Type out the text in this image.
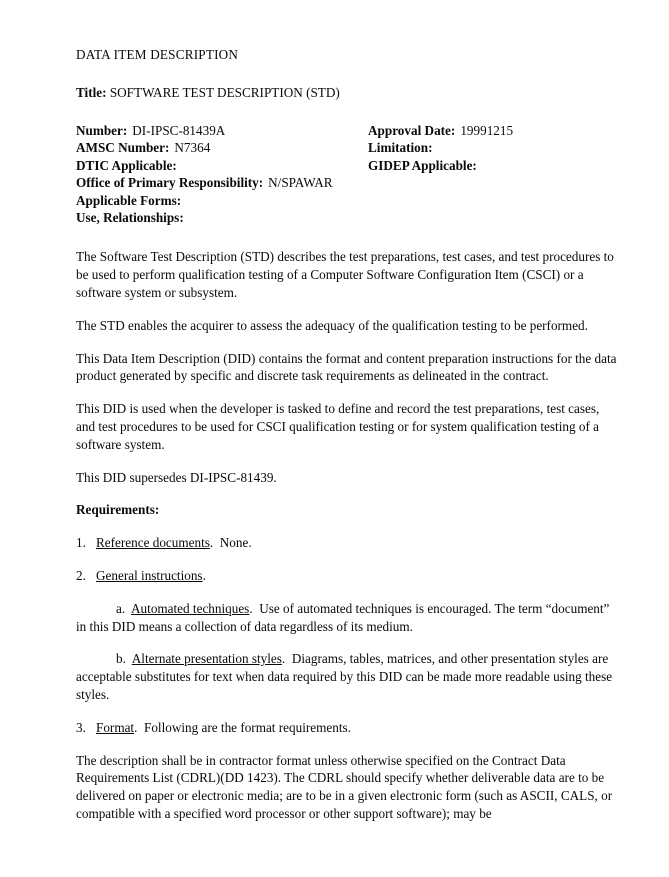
DATA ITEM DESCRIPTION
Title: SOFTWARE TEST DESCRIPTION (STD)
Number: DI-IPSC-81439A
AMSC Number: N7364
DTIC Applicable:
Office of Primary Responsibility: N/SPAWAR
Applicable Forms:
Use, Relationships:
Approval Date: 19991215
Limitation:
GIDEP Applicable:

The Software Test Description (STD) describes the test preparations, test cases, and test procedures to be used to perform qualification testing of a Computer Software Configuration Item (CSCI) or a software system or subsystem.

The STD enables the acquirer to assess the adequacy of the qualification testing to be performed.

This Data Item Description (DID) contains the format and content preparation instructions for the data product generated by specific and discrete task requirements as delineated in the contract.

This DID is used when the developer is tasked to define and record the test preparations, test cases, and test procedures to be used for CSCI qualification testing or for system qualification testing of a software system.

This DID supersedes DI-IPSC-81439.

Requirements:
1. Reference documents. None.
2. General instructions.
a. Automated techniques. Use of automated techniques is encouraged. The term “document” in this DID means a collection of data regardless of its medium.
b. Alternate presentation styles. Diagrams, tables, matrices, and other presentation styles are acceptable substitutes for text when data required by this DID can be made more readable using these styles.
3. Format. Following are the format requirements.

The description shall be in contractor format unless otherwise specified on the Contract Data Requirements List (CDRL)(DD 1423). The CDRL should specify whether deliverable data are to be delivered on paper or electronic media; are to be in a given electronic form (such as ASCII, CALS, or compatible with a specified word processor or other support software); may be
